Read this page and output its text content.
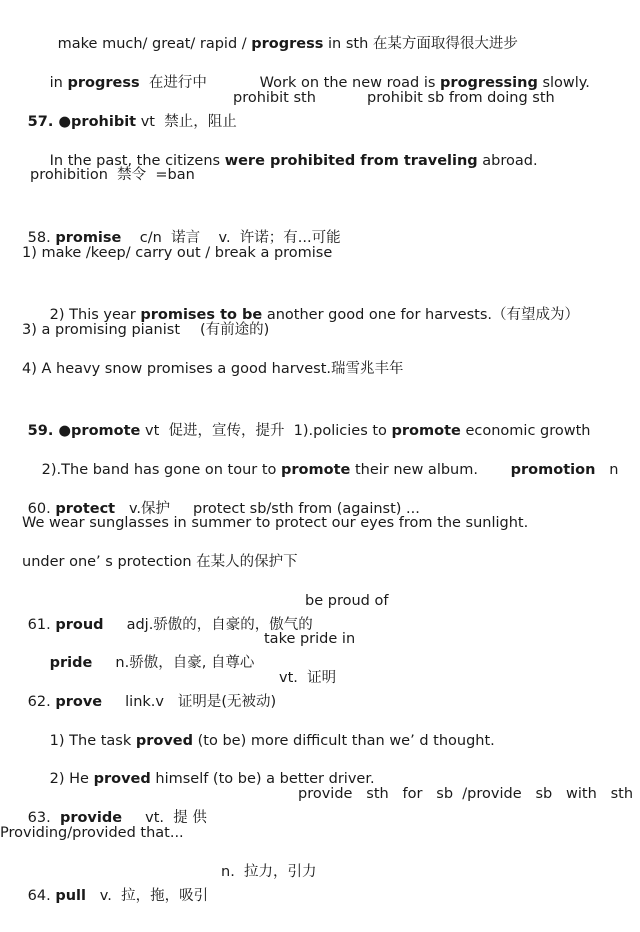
make much/ great/ rapid / progress in sth 在某方面取得很大进步

in progress  在进行中
	Work on the new road is progressing slowly.

57. ●prohibit vt  禁止，阻止

prohibit sth	prohibit sb from doing sth

In the past, the citizens were prohibited from traveling abroad.

prohibition  禁令  =ban

58. promise    c/n  诺言    v.  许诺；有...可能

1) make /keep/ carry out / break a promise

2) This year promises to be another good one for harvests.（有望成为）

3) a promising pianist (有前途的)
4) A heavy snow promises a good harvest.瑞雪兆丰年

59. ●promote vt  促进，宣传，提升
1).policies to promote economic growth

2).The band has gone on tour to promote their new album.
	promotion   n

60. protect   v.保护     protect sb/sth from (against) ...

We wear sunglasses in summer to protect our eyes from the sunlight.
under one’ s protection 在某人的保护下

61. proud     adj.骄傲的，自豪的，傲气的

be proud of

pride     n.骄傲，自豪, 自尊心

take pride in

62. prove     link.v   证明是(无被动)

vt.  证明

1) The task proved (to be) more difficult than we’ d thought.

2) He proved himself (to be) a better driver.

63.  provide     vt.  提 供

provide   sth   for   sb  /provide   sb   with   sth
Providing/provided that...

64. pull   v.  拉，拖，吸引

n.  拉力，引力
